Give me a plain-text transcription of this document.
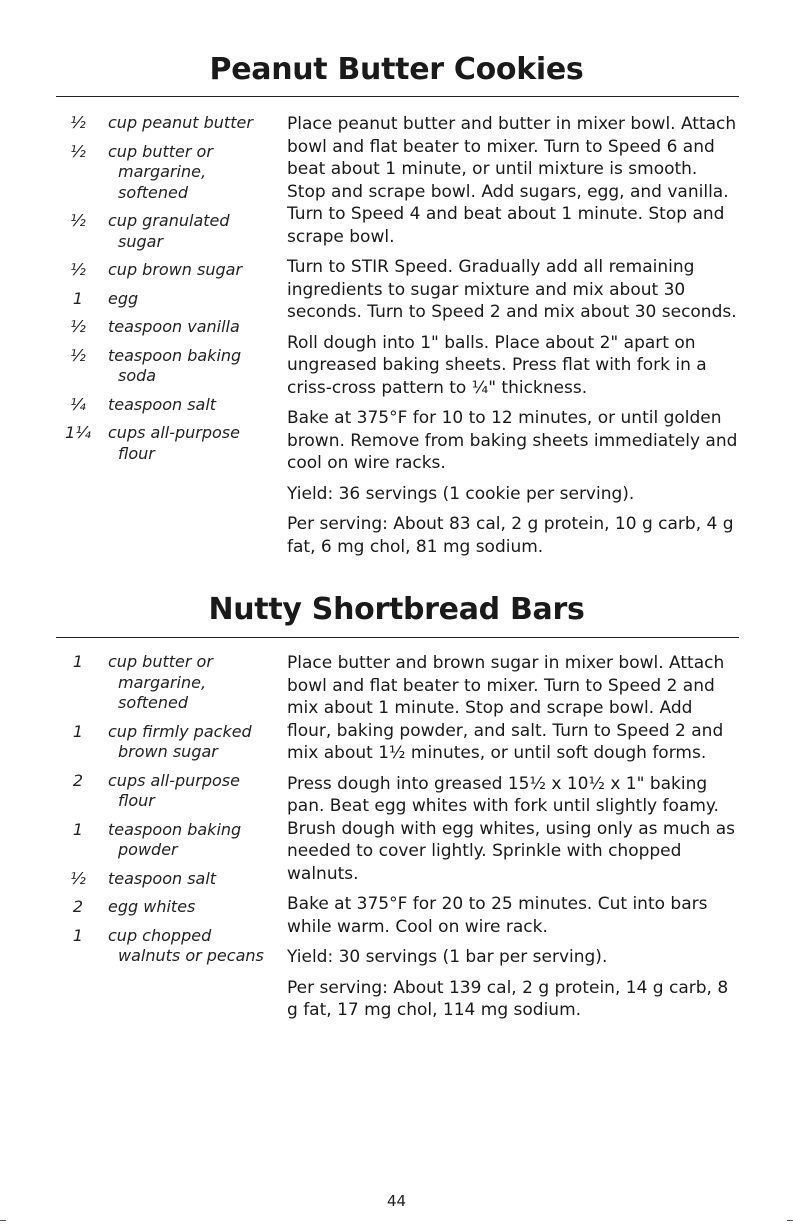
Peanut Butter Cookies
½	cup peanut butter
½	cup butter or
margarine,
softened
½	cup granulated
sugar
½	cup brown sugar
1	egg
½	teaspoon vanilla
½	teaspoon baking
soda
¼	teaspoon salt
1¼	cups all-purpose
flour

Place peanut butter and butter in mixer bowl. Attach bowl and flat beater to mixer. Turn to Speed 6 and beat about 1 minute, or until mixture is smooth. Stop and scrape bowl. Add sugars, egg, and vanilla. Turn to Speed 4 and beat about 1 minute. Stop and scrape bowl.

Turn to STIR Speed. Gradually add all remaining ingredients to sugar mixture and mix about 30 seconds. Turn to Speed 2 and mix about 30 seconds.

Roll dough into 1" balls. Place about 2" apart on ungreased baking sheets. Press flat with fork in a criss-cross pattern to ¼" thickness.

Bake at 375°F for 10 to 12 minutes, or until golden brown. Remove from baking sheets immediately and cool on wire racks.

Yield: 36 servings (1 cookie per serving).

Per serving: About 83 cal, 2 g protein, 10 g carb, 4 g fat, 6 mg chol, 81 mg sodium.

Nutty Shortbread Bars
1	cup butter or
margarine,
softened
1	cup firmly packed
brown sugar
2	cups all-purpose
flour
1	teaspoon baking
powder
½	teaspoon salt
2	egg whites
1	cup chopped
walnuts or pecans

Place butter and brown sugar in mixer bowl. Attach bowl and flat beater to mixer. Turn to Speed 2 and mix about 1 minute. Stop and scrape bowl. Add flour, baking powder, and salt. Turn to Speed 2 and mix about 1½ minutes, or until soft dough forms.

Press dough into greased 15½ x 10½ x 1" baking pan. Beat egg whites with fork until slightly foamy. Brush dough with egg whites, using only as much as needed to cover lightly. Sprinkle with chopped walnuts.

Bake at 375°F for 20 to 25 minutes. Cut into bars while warm. Cool on wire rack.

Yield: 30 servings (1 bar per serving).

Per serving: About 139 cal, 2 g protein, 14 g carb, 8 g fat, 17 mg chol, 114 mg sodium.

44
